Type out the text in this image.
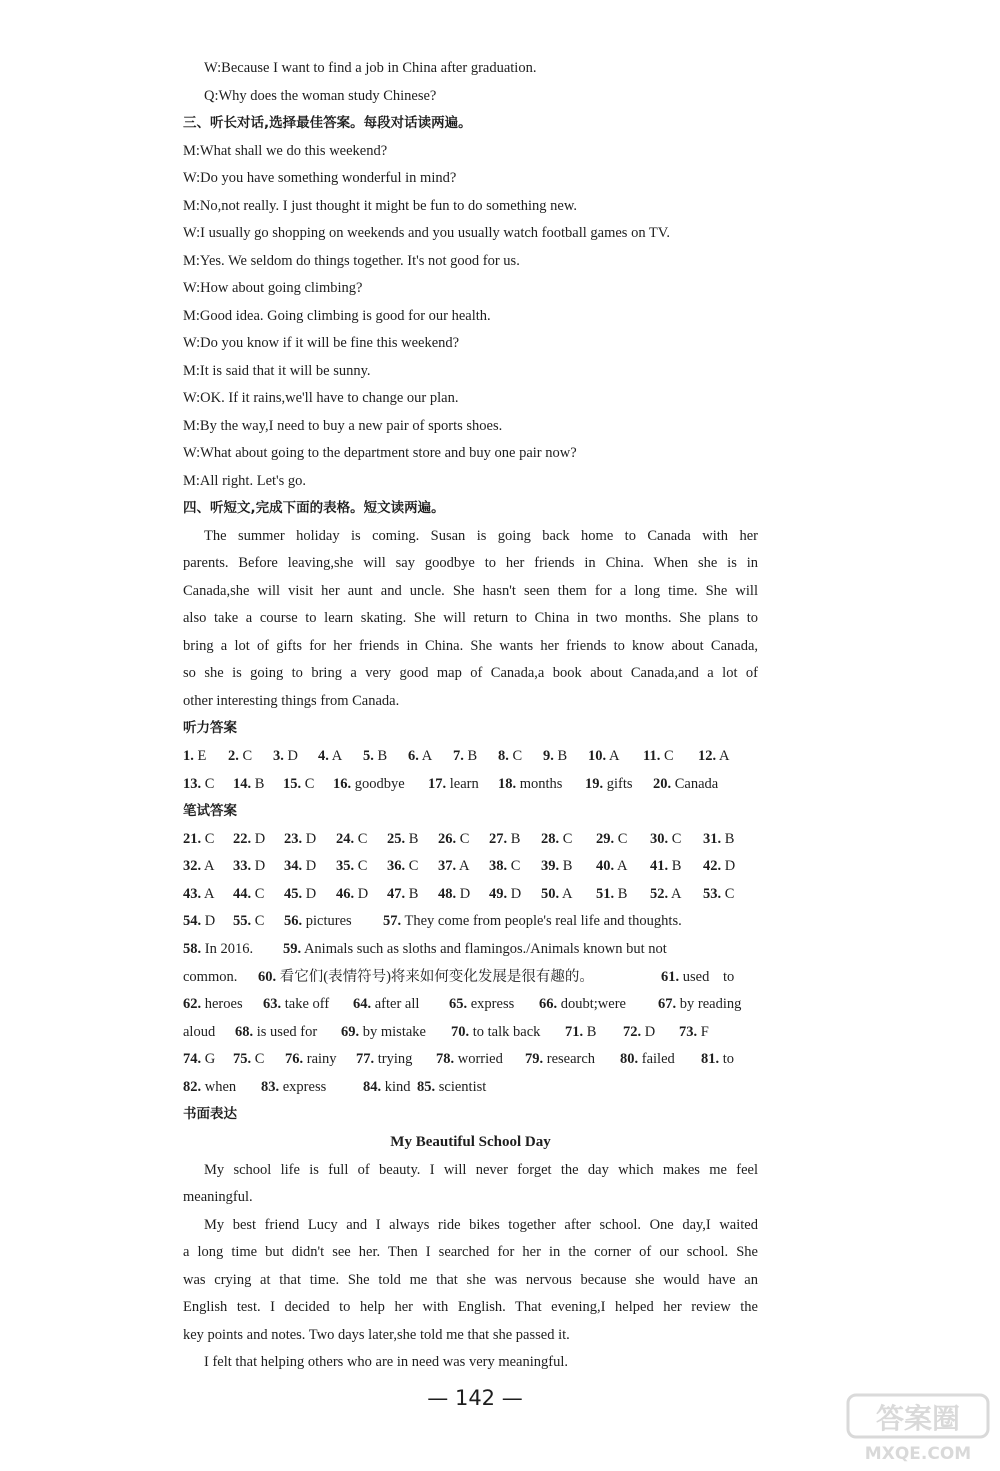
W:Because I want to find a job in China after graduation.
Q:Why does the woman study Chinese?
三、听长对话,选择最佳答案。每段对话读两遍。
M:What shall we do this weekend?
W:Do you have something wonderful in mind?
M:No,not really. I just thought it might be fun to do something new.
W:I usually go shopping on weekends and you usually watch football games on TV.
M:Yes. We seldom do things together. It's not good for us.
W:How about going climbing?
M:Good idea. Going climbing is good for our health.
W:Do you know if it will be fine this weekend?
M:It is said that it will be sunny.
W:OK. If it rains,we'll have to change our plan.
M:By the way,I need to buy a new pair of sports shoes.
W:What about going to the department store and buy one pair now?
M:All right. Let's go.
四、听短文,完成下面的表格。短文读两遍。
The summer holiday is coming. Susan is going back home to Canada with her
parents. Before leaving,she will say goodbye to her friends in China. When she is in
Canada,she will visit her aunt and uncle. She hasn't seen them for a long time. She will
also take a course to learn skating. She will return to China in two months. She plans to
bring a lot of gifts for her friends in China. She wants her friends to know about Canada,
so she is going to bring a very good map of Canada,a book about Canada,and a lot of
other interesting things from Canada.
听力答案
1. E 2. C 3. D 4. A 5. B 6. A 7. B 8. C 9. B 10. A 11. C 12. A
13. C 14. B 15. C 16. goodbye 17. learn 18. months 19. gifts 20. Canada
笔试答案
21. C 22. D 23. D 24. C 25. B 26. C 27. B 28. C 29. C 30. C 31. B
32. A 33. D 34. D 35. C 36. C 37. A 38. C 39. B 40. A 41. B 42. D
43. A 44. C 45. D 46. D 47. B 48. D 49. D 50. A 51. B 52. A 53. C
54. D 55. C 56. pictures 57. They come from people's real life and thoughts.
58. In 2016. 59. Animals such as sloths and flamingos./Animals known but not
common. 60. 看它们(表情符号)将来如何变化发展是很有趣的。	61. used to
62. heroes 63. take off 64. after all 65. express 66. doubt;were 67. by reading
aloud 68. is used for 69. by mistake 70. to talk back 71. B 72. D 73. F
74. G 75. C 76. rainy 77. trying 78. worried 79. research 80. failed 81. to
82. when 83. express	84. kind 85. scientist
书面表达
My Beautiful School Day
My school life is full of beauty. I will never forget the day which makes me feel
meaningful.
My best friend Lucy and I always ride bikes together after school. One day,I waited
a long time but didn't see her. Then I searched for her in the corner of our school. She
was crying at that time. She told me that she was nervous because she would have an
English test. I decided to help her with English. That evening,I helped her review the
key points and notes. Two days later,she told me that she passed it.
I felt that helping others who are in need was very meaningful.
— 142 —
答案圈
MXQE.COM
